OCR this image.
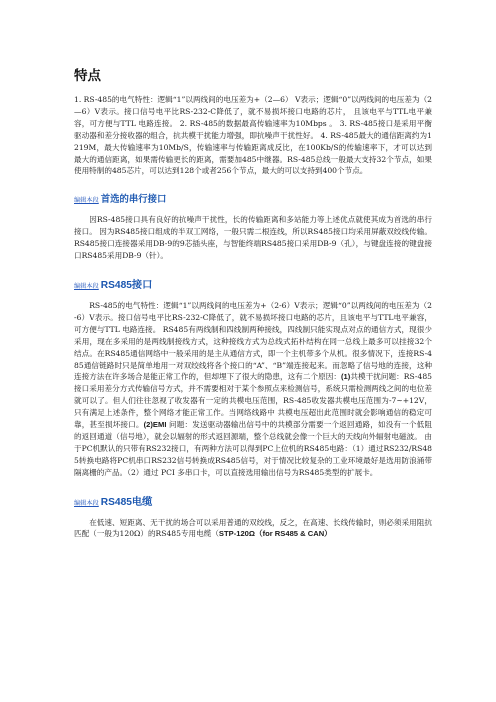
特点

1. RS-485的电气特性：逻辑“1”以两线间的电压差为+（2—6） V表示；逻辑“0”以两线间的电压差为（2—6）V表示。接口信号电平比RS-232-C降低了，就不易损坏接口电路的芯片， 且该电平与TTL电平兼容，可方便与TTL 电路连接。 2. RS-485的数据最高传输速率为10Mbps 。 3. RS-485接口是采用平衡驱动器和差分接收器的组合，抗共模干扰能力增强，即抗噪声干扰性好。 4. RS-485最大的通信距离约为1219M，最大传输速率为10Mb/S，传输速率与传输距离成反比，在100Kb/S的传输速率下，才可以达到最大的通信距离，如果需传输更长的距离，需要加485中继器。RS-485总线一般最大支持32个节点，如果使用特制的485芯片，可以达到128个或者256个节点，最大的可以支持到400个节点。

编辑本段 首选的串行接口

因RS-485接口具有良好的抗噪声干扰性，长的传输距离和多站能力等上述优点就使其成为首选的串行接口。 因为RS485接口组成的半双工网络，一般只需二根连线，所以RS485接口均采用屏蔽双绞线传输。 RS485接口连接器采用DB-9的9芯插头座，与智能终端RS485接口采用DB-9（孔），与键盘连接的键盘接口RS485采用DB-9（针）。

编辑本段 RS485接口

RS-485的电气特性：逻辑“1”以两线间的电压差为+（2-6）V表示；逻辑“0”以两线间的电压差为（2-6）V表示。接口信号电平比RS-232-C降低了，就不易损坏接口电路的芯片，且该电平与TTL电平兼容，可方便与TTL 电路连接。 RS485有两线制和四线制两种接线，四线制只能实现点对点的通信方式，现很少采用，现在多采用的是两线制接线方式，这种接线方式为总线式拓朴结构在同一总线上最多可以挂接32个结点。在RS485通信网络中一般采用的是主从通信方式，即一个主机带多个从机。很多情况下，连接RS-485通信链路时只是简单地用一对双绞线将各个接口的“A”、“B”端连接起来。而忽略了信号地的连接，这种连接方法在许多场合是能正常工作的，但却埋下了很大的隐患，这有二个原因：(1)共模干扰问题：RS-485接口采用差分方式传输信号方式，并不需要相对于某个参照点来检测信号，系统只需检测两线之间的电位差就可以了。但人们往往忽视了收发器有一定的共模电压范围，RS-485收发器共模电压范围为-7~+12V，只有满足上述条件，整个网络才能正常工作。当网络线路中 共模电压超出此范围时就会影响通信的稳定可靠，甚至损坏接口。(2)EMI 问题：发送驱动器输出信号中的共模部分需要一个返回通路，如没有一个低阻的返回通道（信号地），就会以辐射的形式返回源端，整个总线就会像一个巨大的天线向外辐射电磁波。 由于PC机默认的只带有RS232接口，有两种方法可以得到PC上位机的RS485电路：（1）通过RS232/RS485转换电路将PC机串口RS232信号转换成RS485信号，对于情况比较复杂的工业环境最好是选用防浪涌带隔离栅的产品。（2）通过 PCI 多串口卡，可以直接选用输出信号为RS485类型的扩展卡。

编辑本段 RS485电缆

在低速、短距离、无干扰的场合可以采用普通的双绞线，反之，在高速、长线传输时，则必须采用阻抗匹配（一般为120Ω）的RS485专用电缆（STP-120Ω（for RS485 & CAN）
